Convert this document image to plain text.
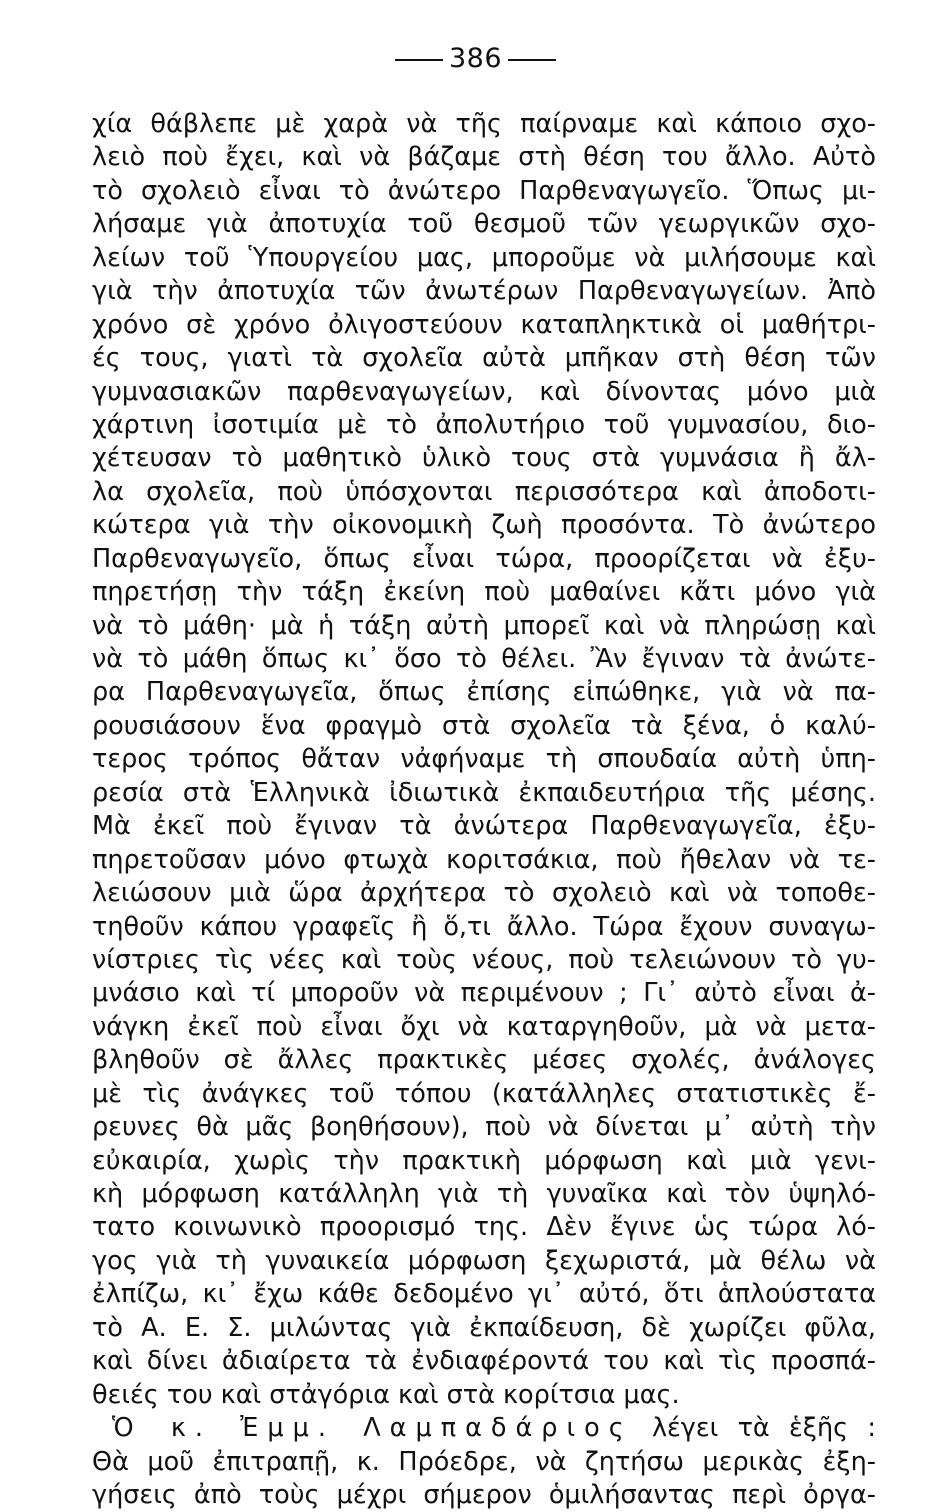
386
χία θάβλεπε μὲ χαρὰ νὰ τῆς παίρναμε καὶ κάποιο σχο-
λειὸ ποὺ ἔχει, καὶ νὰ βάζαμε στὴ θέση του ἄλλο. Αὐτὸ
τὸ σχολειὸ εἶναι τὸ ἀνώτερο Παρθεναγωγεῖο. Ὅπως μι-
λήσαμε γιὰ ἀποτυχία τοῦ θεσμοῦ τῶν γεωργικῶν σχο-
λείων τοῦ Ὑπουργείου μας, μποροῦμε νὰ μιλήσουμε καὶ
γιὰ τὴν ἀποτυχία τῶν ἀνωτέρων Παρθεναγωγείων. Ἀπὸ
χρόνο σὲ χρόνο ὀλιγοστεύουν καταπληκτικὰ οἱ μαθήτρι-
ές τους, γιατὶ τὰ σχολεῖα αὐτὰ μπῆκαν στὴ θέση τῶν
γυμνασιακῶν παρθεναγωγείων, καὶ δίνοντας μόνο μιὰ
χάρτινη ἰσοτιμία μὲ τὸ ἀπολυτήριο τοῦ γυμνασίου, διο-
χέτευσαν τὸ μαθητικὸ ὑλικὸ τους στὰ γυμνάσια ἢ ἄλ-
λα σχολεῖα, ποὺ ὑπόσχονται περισσότερα καὶ ἀποδοτι-
κώτερα γιὰ τὴν οἰκονομικὴ ζωὴ προσόντα. Τὸ ἀνώτερο
Παρθεναγωγεῖο, ὅπως εἶναι τώρα, προορίζεται νὰ ἐξυ-
πηρετήσῃ τὴν τάξη ἐκείνη ποὺ μαθαίνει κἄτι μόνο γιὰ
νὰ τὸ μάθη· μὰ ἡ τάξη αὐτὴ μπορεῖ καὶ νὰ πληρώσῃ καὶ
νὰ τὸ μάθη ὅπως κι᾽ ὅσο τὸ θέλει. Ἂν ἔγιναν τὰ ἀνώτε-
ρα Παρθεναγωγεῖα, ὅπως ἐπίσης εἰπώθηκε, γιὰ νὰ πα-
ρουσιάσουν ἕνα φραγμὸ στὰ σχολεῖα τὰ ξένα, ὁ καλύ-
τερος τρόπος θἄταν νἀφήναμε τὴ σπουδαία αὐτὴ ὑπη-
ρεσία στὰ Ἑλληνικὰ ἰδιωτικὰ ἐκπαιδευτήρια τῆς μέσης.
Μὰ ἐκεῖ ποὺ ἔγιναν τὰ ἀνώτερα Παρθεναγωγεῖα, ἐξυ-
πηρετοῦσαν μόνο φτωχὰ κοριτσάκια, ποὺ ἤθελαν νὰ τε-
λειώσουν μιὰ ὥρα ἀρχήτερα τὸ σχολειὸ καὶ νὰ τοποθε-
τηθοῦν κάπου γραφεῖς ἢ ὅ,τι ἄλλο. Τώρα ἔχουν συναγω-
νίστριες τὶς νέες καὶ τοὺς νέους, ποὺ τελειώνουν τὸ γυ-
μνάσιο καὶ τί μποροῦν νὰ περιμένουν ; Γι᾽ αὐτὸ εἶναι ἀ-
νάγκη ἐκεῖ ποὺ εἶναι ὄχι νὰ καταργηθοῦν, μὰ νὰ μετα-
βληθοῦν σὲ ἄλλες πρακτικὲς μέσες σχολές, ἀνάλογες
μὲ τὶς ἀνάγκες τοῦ τόπου (κατάλληλες στατιστικὲς ἔ-
ρευνες θὰ μᾶς βοηθήσουν), ποὺ νὰ δίνεται μ᾽ αὐτὴ τὴν
εὐκαιρία, χωρὶς τὴν πρακτικὴ μόρφωση καὶ μιὰ γενι-
κὴ μόρφωση κατάλληλη γιὰ τὴ γυναῖκα καὶ τὸν ὑψηλό-
τατο κοινωνικὸ προορισμό της. Δὲν ἔγινε ὡς τώρα λό-
γος γιὰ τὴ γυναικεία μόρφωση ξεχωριστά, μὰ θέλω νὰ
ἐλπίζω, κι᾽ ἔχω κάθε δεδομένο γι᾽ αὐτό, ὅτι ἁπλούστατα
τὸ Α. Ε. Σ. μιλώντας γιὰ ἐκπαίδευση, δὲ χωρίζει φῦλα,
καὶ δίνει ἀδιαίρετα τὰ ἐνδιαφέροντά του καὶ τὶς προσπά-
θειές του καὶ στἀγόρια καὶ στὰ κορίτσια μας.
Ὁ κ. Ἐμμ. Λαμπαδάριος λέγει τὰ ἑξῆς :
Θὰ μοῦ ἐπιτραπῇ, κ. Πρόεδρε, νὰ ζητήσω μερικὰς ἐξη-
γήσεις ἀπὸ τοὺς μέχρι σήμερον ὁμιλήσαντας περὶ ὀργα-
